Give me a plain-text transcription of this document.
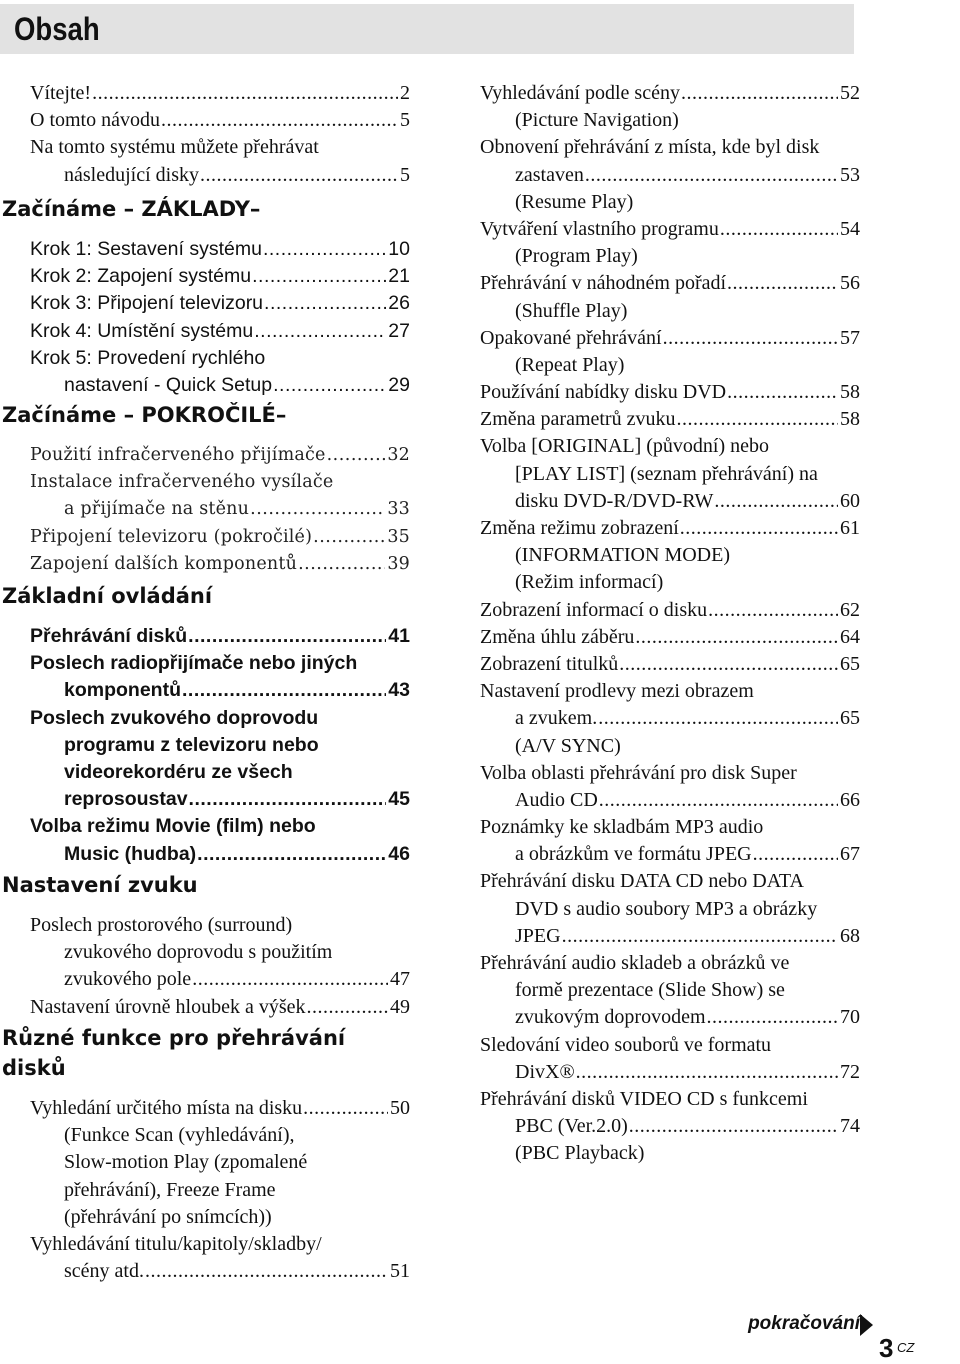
Obsah
Vítejte! .....	2
O tomto návodu .....	5
Na tomto systému můžete přehrávat
následující disky .....	5
Začínáme – ZÁKLADY–
Krok 1: Sestavení systému .....	10
Krok 2: Zapojení systému .....	21
Krok 3: Připojení televizoru .....	26
Krok 4: Umístění systému .....	27
Krok 5: Provedení rychlého
nastavení - Quick Setup .....	29
Začínáme – POKROČILÉ–
Použití infračerveného přijímače .....	32
Instalace infračerveného vysílače
a přijímače na stěnu .....	33
Připojení televizoru (pokročilé) .....	35
Zapojení dalších komponentů .....	39
Základní ovládání
Přehrávání disků .....	41
Poslech radiopřijímače nebo jiných
komponentů .....	43
Poslech zvukového doprovodu
programu z televizoru nebo
videorekordéru ze všech
reprosoustav .....	45
Volba režimu Movie (film) nebo
Music (hudba) .....	46
Nastavení zvuku
Poslech prostorového (surround)
zvukového doprovodu s použitím
zvukového pole .....	47
Nastavení úrovně hloubek a výšek .....	49
Různé funkce pro přehrávání
disků
Vyhledání určitého místa na disku .....	50
(Funkce Scan (vyhledávání),
Slow-motion Play (zpomalené
přehrávání), Freeze Frame
(přehrávání po snímcích))
Vyhledávání titulu/kapitoly/skladby/
scény atd. .....	51
Vyhledávání podle scény .....	52
(Picture Navigation)
Obnovení přehrávání z místa, kde byl disk
zastaven .....	53
(Resume Play)
Vytváření vlastního programu .....	54
(Program Play)
Přehrávání v náhodném pořadí .....	56
(Shuffle Play)
Opakované přehrávání .....	57
(Repeat Play)
Používání nabídky disku DVD .....	58
Změna parametrů zvuku .....	58
Volba [ORIGINAL] (původní) nebo
[PLAY LIST] (seznam přehrávání) na
disku DVD-R/DVD-RW .....	60
Změna režimu zobrazení .....	61
(INFORMATION MODE)
(Režim informací)
Zobrazení informací o disku .....	62
Změna úhlu záběru .....	64
Zobrazení titulků .....	65
Nastavení prodlevy mezi obrazem
a zvukem. .....	65
(A/V SYNC)
Volba oblasti přehrávání pro disk Super
Audio CD .....	66
Poznámky ke skladbám MP3 audio
a obrázkům ve formátu JPEG .....	67
Přehrávání disku DATA CD nebo DATA
DVD s audio soubory MP3 a obrázky
JPEG .....	68
Přehrávání audio skladeb a obrázků ve
formě prezentace (Slide Show) se
zvukovým doprovodem .....	70
Sledování video souborů ve formatu
DivX® .....	72
Přehrávání disků VIDEO CD s funkcemi
PBC (Ver.2.0) .....	74
(PBC Playback)
pokračování
3 CZ
